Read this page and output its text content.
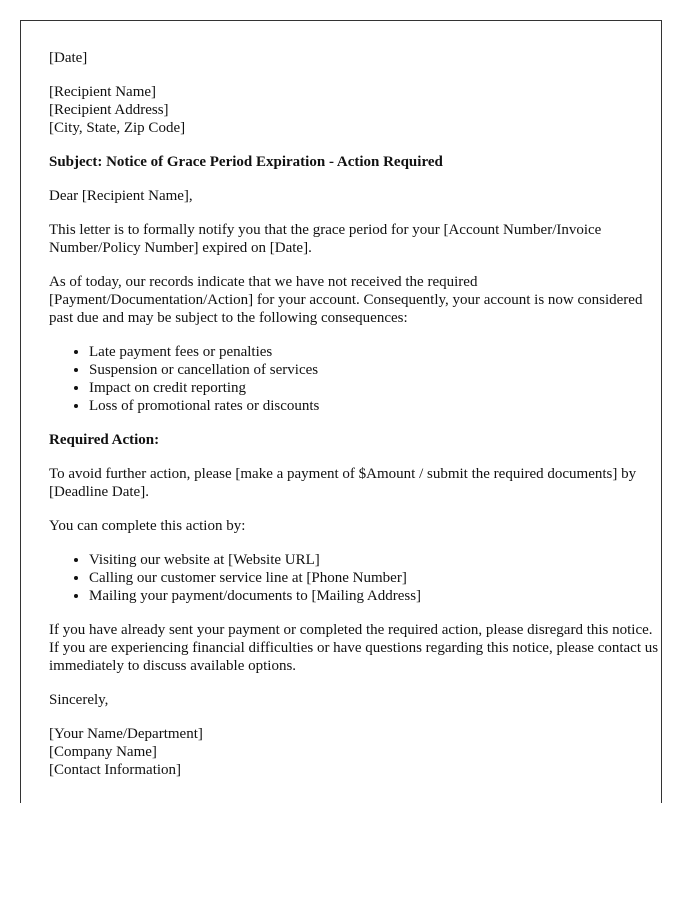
[Date]

[Recipient Name]
[Recipient Address]
[City, State, Zip Code]

Subject: Notice of Grace Period Expiration - Action Required

Dear [Recipient Name],

This letter is to formally notify you that the grace period for your [Account Number/Invoice Number/Policy Number] expired on [Date].

As of today, our records indicate that we have not received the required [Payment/Documentation/Action] for your account. Consequently, your account is now considered past due and may be subject to the following consequences:

• Late payment fees or penalties
• Suspension or cancellation of services
• Impact on credit reporting
• Loss of promotional rates or discounts

Required Action:

To avoid further action, please [make a payment of $Amount / submit the required documents] by [Deadline Date].

You can complete this action by:

• Visiting our website at [Website URL]
• Calling our customer service line at [Phone Number]
• Mailing your payment/documents to [Mailing Address]

If you have already sent your payment or completed the required action, please disregard this notice. If you are experiencing financial difficulties or have questions regarding this notice, please contact us immediately to discuss available options.

Sincerely,

[Your Name/Department]
[Company Name]
[Contact Information]
